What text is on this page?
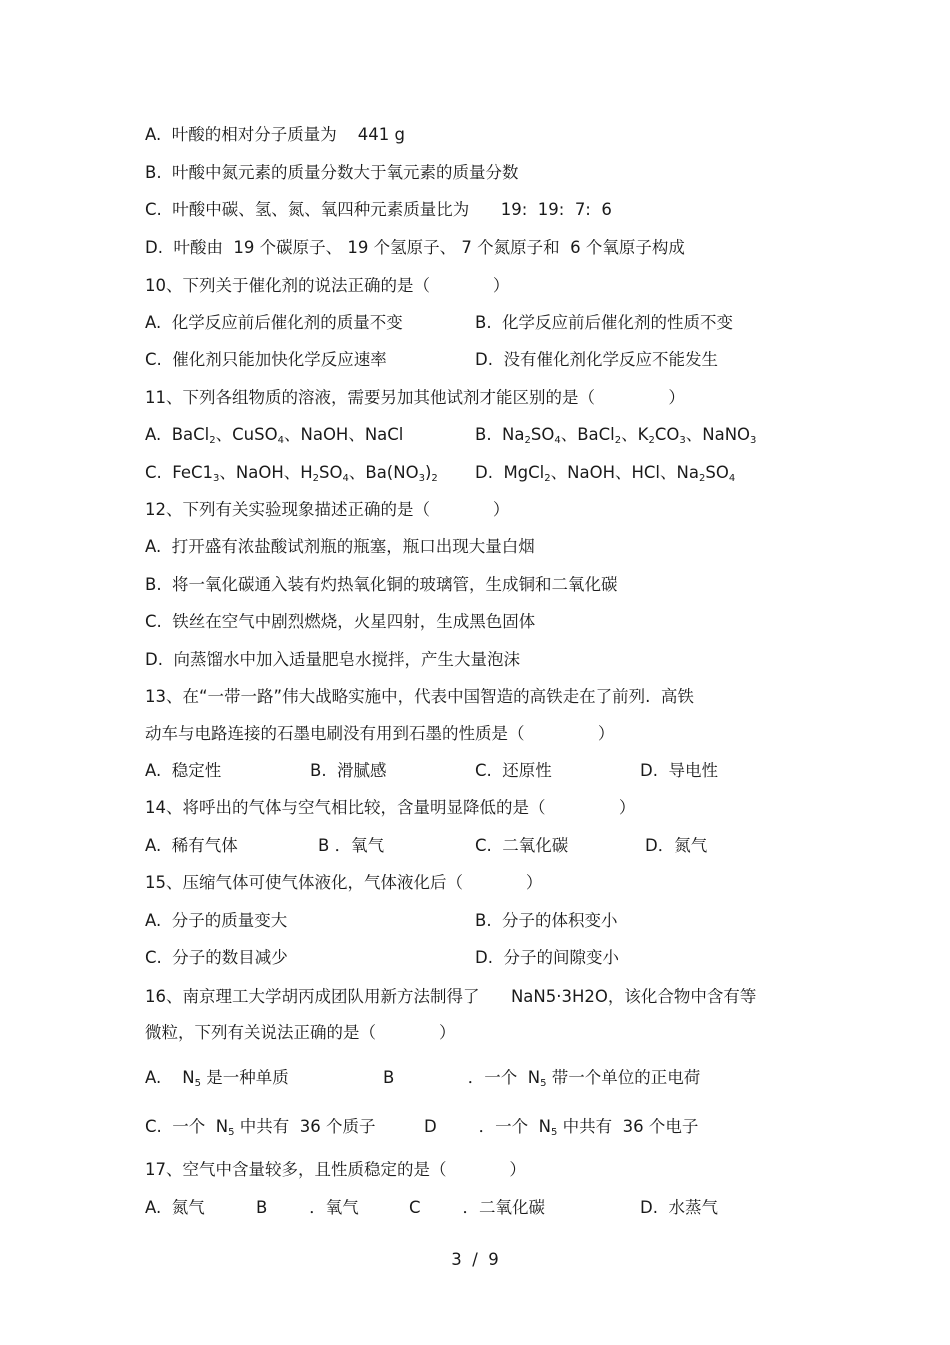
A.  叶酸的相对分子质量为    441 g
B.  叶酸中氮元素的质量分数大于氧元素的质量分数
C.  叶酸中碳、氢、氮、氧四种元素质量比为      19:  19:  7:  6
D.  叶酸由  19 个碳原子、 19 个氢原子、 7 个氮原子和  6 个氧原子构成
10、下列关于催化剂的说法正确的是（            ）
A.  化学反应前后催化剂的质量不变	B.  化学反应前后催化剂的性质不变
C.  催化剂只能加快化学反应速率	D.  没有催化剂化学反应不能发生
11、下列各组物质的溶液，需要另加其他试剂才能区别的是（              ）
A.  BaCl$_2$、CuSO$_4$、NaOH、NaCl	B.  $Na_2SO_4$、BaCl$_2$、$K_2CO_3$、NaNO$_3$
C.  $FeC1_3$、NaOH、$H_2SO_4$、$Ba(NO_3)_2$ D.  MgCl$_2$、NaOH、HCl、$Na_2SO_4$
12、下列有关实验现象描述正确的是（            ）
A.  打开盛有浓盐酸试剂瓶的瓶塞，瓶口出现大量白烟
B.  将一氧化碳通入装有灼热氧化铜的玻璃管，生成铜和二氧化碳
C.  铁丝在空气中剧烈燃烧，火星四射，生成黑色固体
D.  向蒸馏水中加入适量肥皂水搅拌，产生大量泡沫
13、在“一带一路”伟大战略实施中，代表中国智造的高铁走在了前列.  高铁
动车与电路连接的石墨电刷没有用到石墨的性质是（              ）
A.  稳定性	B.  滑腻感	C.  还原性	D.  导电性
14、将呼出的气体与空气相比较，含量明显降低的是（              ）
A.  稀有气体	B ．氧气	C.  二氧化碳	D．氮气
15、压缩气体可使气体液化，气体液化后（            ）
A.  分子的质量变大	B.  分子的体积变小
C.  分子的数目减少	D.  分子的间隙变小
16、南京理工大学胡丙成团队用新方法制得了      NaN5·3H2O，该化合物中含有等
微粒，下列有关说法正确的是（            ）
A.    $N_5$ 是一种单质	B              ．一个  $N_5$ 带一个单位的正电荷
C.  一个  $N_5$ 中共有  36 个质子	D        ．一个  $N_5$ 中共有  36 个电子
17、空气中含量较多，且性质稳定的是（            ）
A.  氮气	B        ．氧气	C        ．二氧化碳	D.  水蒸气
3  /  9
